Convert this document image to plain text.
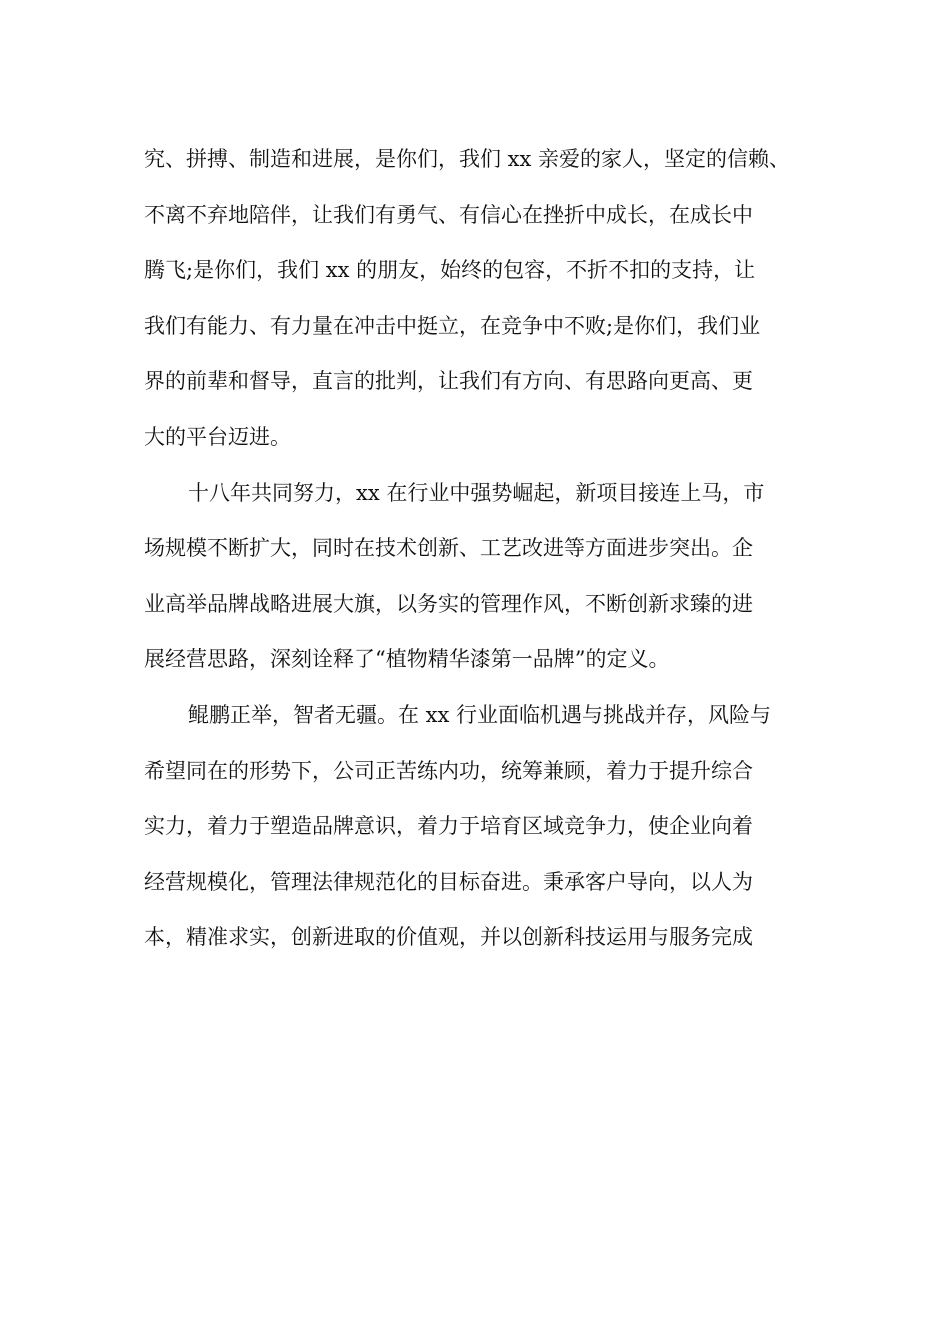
究、拼搏、制造和进展，是你们，我们 xx 亲爱的家人，坚定的信赖、

不离不弃地陪伴，让我们有勇气、有信心在挫折中成长，在成长中

腾飞;是你们，我们 xx 的朋友，始终的包容，不折不扣的支持，让

我们有能力、有力量在冲击中挺立，在竞争中不败;是你们，我们业

界的前辈和督导，直言的批判，让我们有方向、有思路向更高、更

大的平台迈进。

十八年共同努力，xx 在行业中强势崛起，新项目接连上马，市

场规模不断扩大，同时在技术创新、工艺改进等方面进步突出。企

业高举品牌战略进展大旗，以务实的管理作风，不断创新求臻的进

展经营思路，深刻诠释了“植物精华漆第一品牌”的定义。

鲲鹏正举，智者无疆。在 xx 行业面临机遇与挑战并存，风险与

希望同在的形势下，公司正苦练内功，统筹兼顾，着力于提升综合

实力，着力于塑造品牌意识，着力于培育区域竞争力，使企业向着

经营规模化，管理法律规范化的目标奋进。秉承客户导向，以人为

本，精准求实，创新进取的价值观，并以创新科技运用与服务完成
